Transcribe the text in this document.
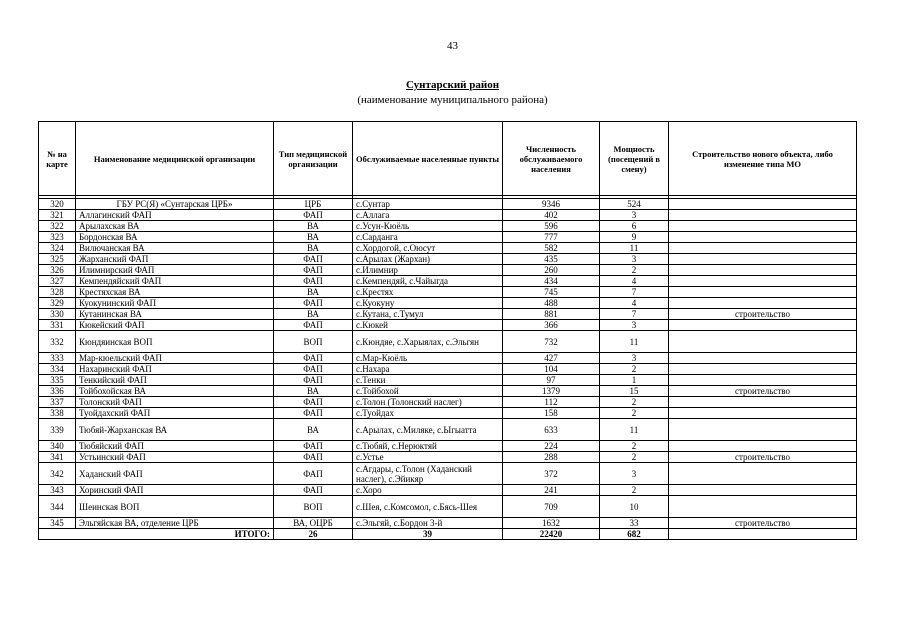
43
Сунтарский район
(наименование муниципального района)
№ на карте	Наименование медицинской организации	Тип медицинской организации	Обслуживаемые населенные пункты	Численность обслуживаемого населения	Мощность (посещений в смену)	Строительство нового объекта, либо изменение типа МО

320	ГБУ РС(Я) «Сунтарская ЦРБ»	ЦРБ	с.Сунтар	9346	524	
321	Аллагинский ФАП	ФАП	с.Аллага	402	3	
322	Арылахская ВА	ВА	с.Усун-Кюёль	596	6	
323	Бордонская ВА	ВА	с.Сарданга	777	9	
324	Вилючанская ВА	ВА	с.Хордогой, с.Оюсут	582	11	
325	Жарханский ФАП	ФАП	с.Арылах (Жархан)	435	3	
326	Илимнирский ФАП	ФАП	с.Илимнир	260	2	
327	Кемпендяйский ФАП	ФАП	с.Кемпендяй, с.Чайыгда	434	4	
328	Крестяхская ВА	ВА	с.Крестях	745	7	
329	Куокунинский ФАП	ФАП	с.Куокуну	488	4	
330	Кутанинская ВА	ВА	с.Кутана, с.Тумул	881	7	строительство
331	Кюкейский ФАП	ФАП	с.Кюкей	366	3	
332	Кюндяинская ВОП	ВОП	с.Кюндяе, с.Харыялах, с.Эльгян	732	11	
333	Мар-кюельский ФАП	ФАП	с.Мар-Кюёль	427	3	
334	Нахаринский ФАП	ФАП	с.Нахара	104	2	
335	Тенкийский ФАП	ФАП	с.Тенки	97	1	
336	Тойбохойская ВА	ВА	с.Тойбохой	1379	15	строительство
337	Толонский ФАП	ФАП	с.Толон (Толонский наслег)	112	2	
338	Туойдахский ФАП	ФАП	с.Туойдах	158	2	
339	Тюбяй-Жарханская ВА	ВА	с.Арылах, с.Миляке, с.Ыгыатта	633	11	
340	Тюбяйский ФАП	ФАП	с.Тюбяй, с.Нерюктяй	224	2	
341	Устьинский ФАП	ФАП	с.Устье	288	2	строительство
342	Хаданский ФАП	ФАП	с.Агдары, с.Толон (Хаданский наслег), с.Эйикяр	372	3	
343	Хоринский ФАП	ФАП	с.Хоро	241	2	
344	Шеинская ВОП	ВОП	с.Шея, с.Комсомол, с.Бясь-Шея	709	10	
345	Эльгяйская ВА, отделение ЦРБ	ВА, ОЦРБ	с.Эльгяй, с.Бордон 3-й	1632	33	строительство
ИТОГО:		26	39	22420	682	
